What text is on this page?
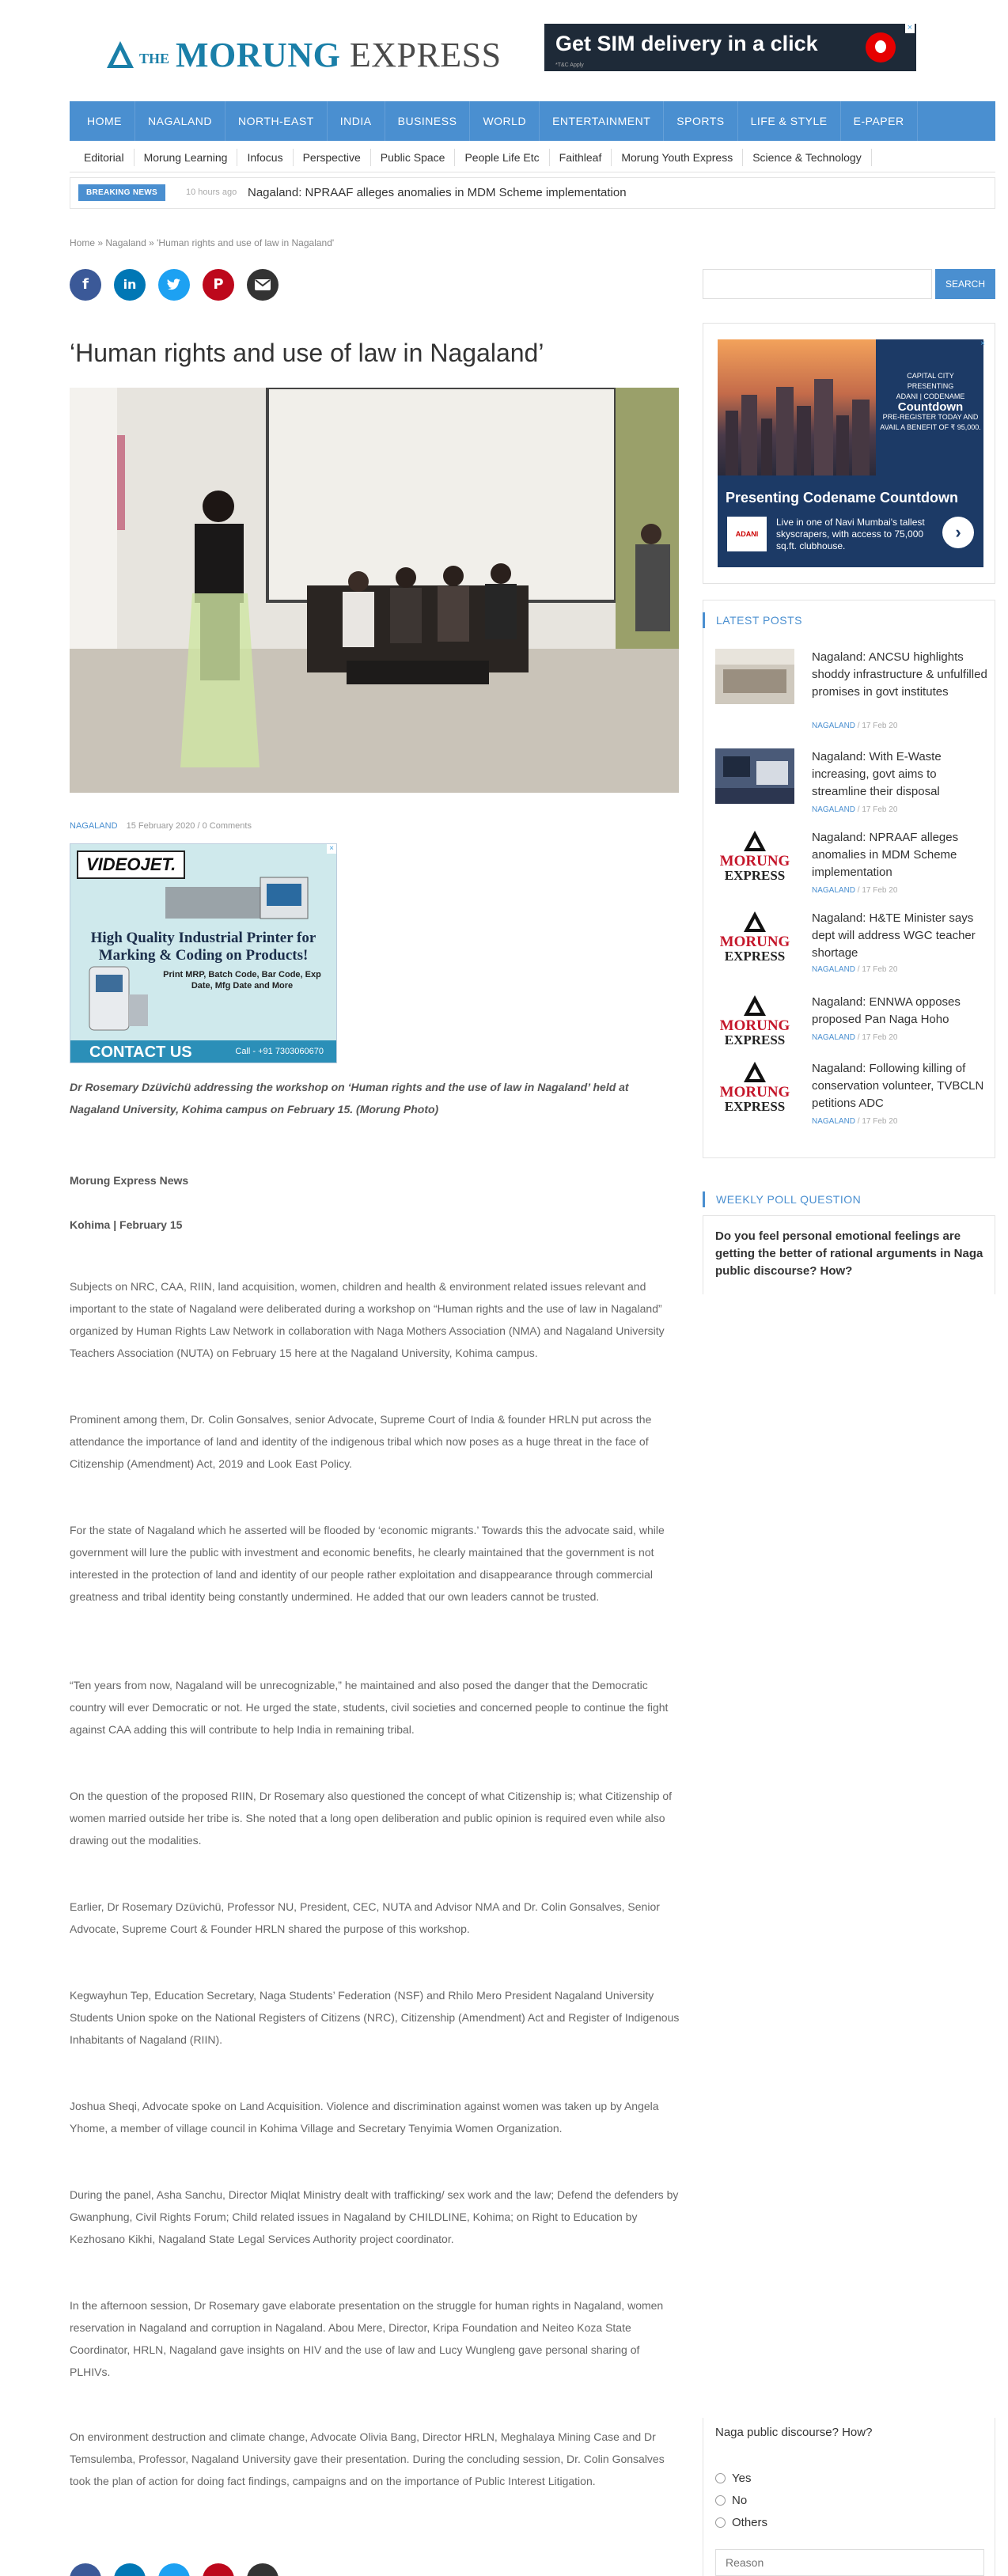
THE MORUNG EXPRESS	Get SIM delivery in a click
*T&C Apply
×
HOME	NAGALAND	NORTH-EAST	INDIA	BUSINESS	WORLD	ENTERTAINMENT	SPORTS	LIFE & STYLE	E-PAPER
Editorial	Morung Learning	Infocus	Perspective	Public Space	People Life Etc	Faithleaf	Morung Youth Express	Science & Technology
BREAKING NEWS	10 hours ago Nagaland: NPRAAF alleges anomalies in MDM Scheme implementation
Home » Nagaland » 'Human rights and use of law in Nagaland'
f	in	P
‘Human rights and use of law in Nagaland’
NAGALAND 15 February 2020 / 0 Comments
VIDEOJET.
×
High Quality Industrial Printer for
Marking & Coding on Products!
Print MRP, Batch Code, Bar Code, Exp Date, Mfg Date and More
CONTACT US	Call - +91 7303060670
Dr Rosemary Dzüvichü addressing the workshop on ‘Human rights and the use of law in Nagaland’ held at Nagaland University, Kohima campus on February 15. (Morung Photo)
Morung Express News
Kohima | February 15
Subjects on NRC, CAA, RIIN, land acquisition, women, children and health & environment related issues relevant and important to the state of Nagaland were deliberated during a workshop on “Human rights and the use of law in Nagaland” organized by Human Rights Law Network in collaboration with Naga Mothers Association (NMA) and Nagaland University Teachers Association (NUTA) on February 15 here at the Nagaland University, Kohima campus.
Prominent among them, Dr. Colin Gonsalves, senior Advocate, Supreme Court of India & founder HRLN put across the attendance the importance of land and identity of the indigenous tribal which now poses as a huge threat in the face of Citizenship (Amendment) Act, 2019 and Look East Policy.
For the state of Nagaland which he asserted will be flooded by ‘economic migrants.’ Towards this the advocate said, while government will lure the public with investment and economic benefits, he clearly maintained that the government is not interested in the protection of land and identity of our people rather exploitation and disappearance through commercial greatness and tribal identity being constantly undermined. He added that our own leaders cannot be trusted.
“Ten years from now, Nagaland will be unrecognizable,” he maintained and also posed the danger that the Democratic country will ever Democratic or not. He urged the state, students, civil societies and concerned people to continue the fight against CAA adding this will contribute to help India in remaining tribal.
On the question of the proposed RIIN, Dr Rosemary also questioned the concept of what Citizenship is; what Citizenship of women married outside her tribe is. She noted that a long open deliberation and public opinion is required even while also drawing out the modalities.
Earlier, Dr Rosemary Dzüvichü, Professor NU, President, CEC, NUTA and Advisor NMA and Dr. Colin Gonsalves, Senior Advocate, Supreme Court & Founder HRLN shared the purpose of this workshop.
Kegwayhun Tep, Education Secretary, Naga Students’ Federation (NSF) and Rhilo Mero President Nagaland University Students Union spoke on the National Registers of Citizens (NRC), Citizenship (Amendment) Act and Register of Indigenous Inhabitants of Nagaland (RIIN).
Joshua Sheqi, Advocate spoke on Land Acquisition. Violence and discrimination against women was taken up by Angela Yhome, a member of village council in Kohima Village and Secretary Tenyimia Women Organization.
During the panel, Asha Sanchu, Director Miqlat Ministry dealt with trafficking/ sex work and the law; Defend the defenders by Gwanphung, Civil Rights Forum; Child related issues in Nagaland by CHILDLINE, Kohima; on Right to Education by Kezhosano Kikhi, Nagaland State Legal Services Authority project coordinator.
In the afternoon session, Dr Rosemary gave elaborate presentation on the struggle for human rights in Nagaland, women reservation in Nagaland and corruption in Nagaland. Abou Mere, Director, Kripa Foundation and Neiteo Koza State Coordinator, HRLN, Nagaland gave insights on HIV and the use of law and Lucy Wungleng gave personal sharing of PLHIVs.
On environment destruction and climate change, Advocate Olivia Bang, Director HRLN, Meghalaya Mining Case and Dr Temsulemba, Professor, Nagaland University gave their presentation. During the concluding session, Dr. Colin Gonsalves took the plan of action for doing fact findings, campaigns and on the importance of Public Interest Litigation.
SEARCH
CAPITAL CITY
PRESENTING
ADANI | CODENAME
Countdown
PRE-REGISTER TODAY AND AVAIL A BENEFIT OF ₹ 95,000.
Presenting Codename Countdown
ADANI
Live in one of Navi Mumbai's tallest skyscrapers, with access to 75,000 sq.ft. clubhouse.
›
×
LATEST POSTS
Nagaland: ANCSU highlights shoddy infrastructure & unfulfilled promises in govt institutes
NAGALAND / 17 Feb 20
Nagaland: With E-Waste increasing, govt aims to streamline their disposal
NAGALAND / 17 Feb 20
MORUNG
EXPRESS
Nagaland: NPRAAF alleges anomalies in MDM Scheme implementation
NAGALAND / 17 Feb 20
MORUNG
EXPRESS
Nagaland: H&TE Minister says dept will address WGC teacher shortage
NAGALAND / 17 Feb 20
MORUNG
EXPRESS
Nagaland: ENNWA opposes proposed Pan Naga Hoho
NAGALAND / 17 Feb 20
MORUNG
EXPRESS
Nagaland: Following killing of conservation volunteer, TVBCLN petitions ADC
NAGALAND / 17 Feb 20
WEEKLY POLL QUESTION
Do you feel personal emotional feelings are getting the better of rational arguments in Naga public discourse? How?
Naga public discourse? How?
Yes
No
Others
Reason
